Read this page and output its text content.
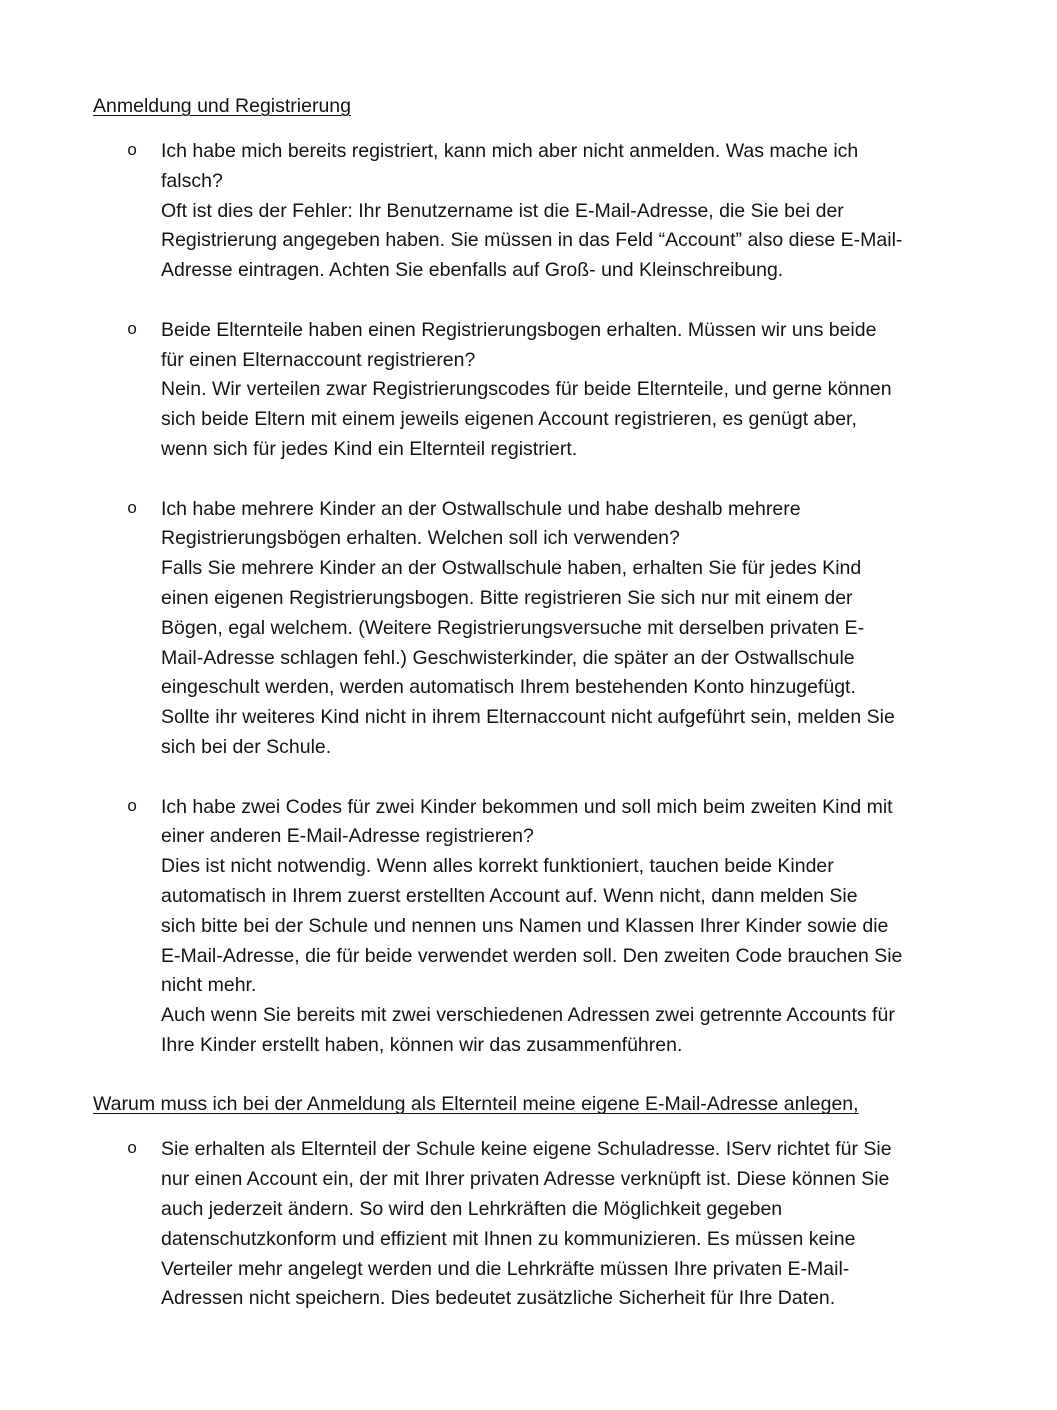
Anmeldung und Registrierung
o Ich habe mich bereits registriert, kann mich aber nicht anmelden. Was mache ich
falsch?
Oft ist dies der Fehler: Ihr Benutzername ist die E-Mail-Adresse, die Sie bei der
Registrierung angegeben haben. Sie müssen in das Feld “Account” also diese E-Mail-
Adresse eintragen. Achten Sie ebenfalls auf Groß- und Kleinschreibung.
o Beide Elternteile haben einen Registrierungsbogen erhalten. Müssen wir uns beide
für einen Elternaccount registrieren?
Nein. Wir verteilen zwar Registrierungscodes für beide Elternteile, und gerne können
sich beide Eltern mit einem jeweils eigenen Account registrieren, es genügt aber,
wenn sich für jedes Kind ein Elternteil registriert.
o Ich habe mehrere Kinder an der Ostwallschule und habe deshalb mehrere
Registrierungsbögen erhalten. Welchen soll ich verwenden?
Falls Sie mehrere Kinder an der Ostwallschule haben, erhalten Sie für jedes Kind
einen eigenen Registrierungsbogen. Bitte registrieren Sie sich nur mit einem der
Bögen, egal welchem. (Weitere Registrierungsversuche mit derselben privaten E-
Mail-Adresse schlagen fehl.) Geschwisterkinder, die später an der Ostwallschule
eingeschult werden, werden automatisch Ihrem bestehenden Konto hinzugefügt.
Sollte ihr weiteres Kind nicht in ihrem Elternaccount nicht aufgeführt sein, melden Sie
sich bei der Schule.
o Ich habe zwei Codes für zwei Kinder bekommen und soll mich beim zweiten Kind mit
einer anderen E-Mail-Adresse registrieren?
Dies ist nicht notwendig. Wenn alles korrekt funktioniert, tauchen beide Kinder
automatisch in Ihrem zuerst erstellten Account auf. Wenn nicht, dann melden Sie
sich bitte bei der Schule und nennen uns Namen und Klassen Ihrer Kinder sowie die
E-Mail-Adresse, die für beide verwendet werden soll. Den zweiten Code brauchen Sie
nicht mehr.
Auch wenn Sie bereits mit zwei verschiedenen Adressen zwei getrennte Accounts für
Ihre Kinder erstellt haben, können wir das zusammenführen.
Warum muss ich bei der Anmeldung als Elternteil meine eigene E-Mail-Adresse anlegen,
o Sie erhalten als Elternteil der Schule keine eigene Schuladresse. IServ richtet für Sie
nur einen Account ein, der mit Ihrer privaten Adresse verknüpft ist. Diese können Sie
auch jederzeit ändern. So wird den Lehrkräften die Möglichkeit gegeben
datenschutzkonform und effizient mit Ihnen zu kommunizieren. Es müssen keine
Verteiler mehr angelegt werden und die Lehrkräfte müssen Ihre privaten E-Mail-
Adressen nicht speichern. Dies bedeutet zusätzliche Sicherheit für Ihre Daten.
